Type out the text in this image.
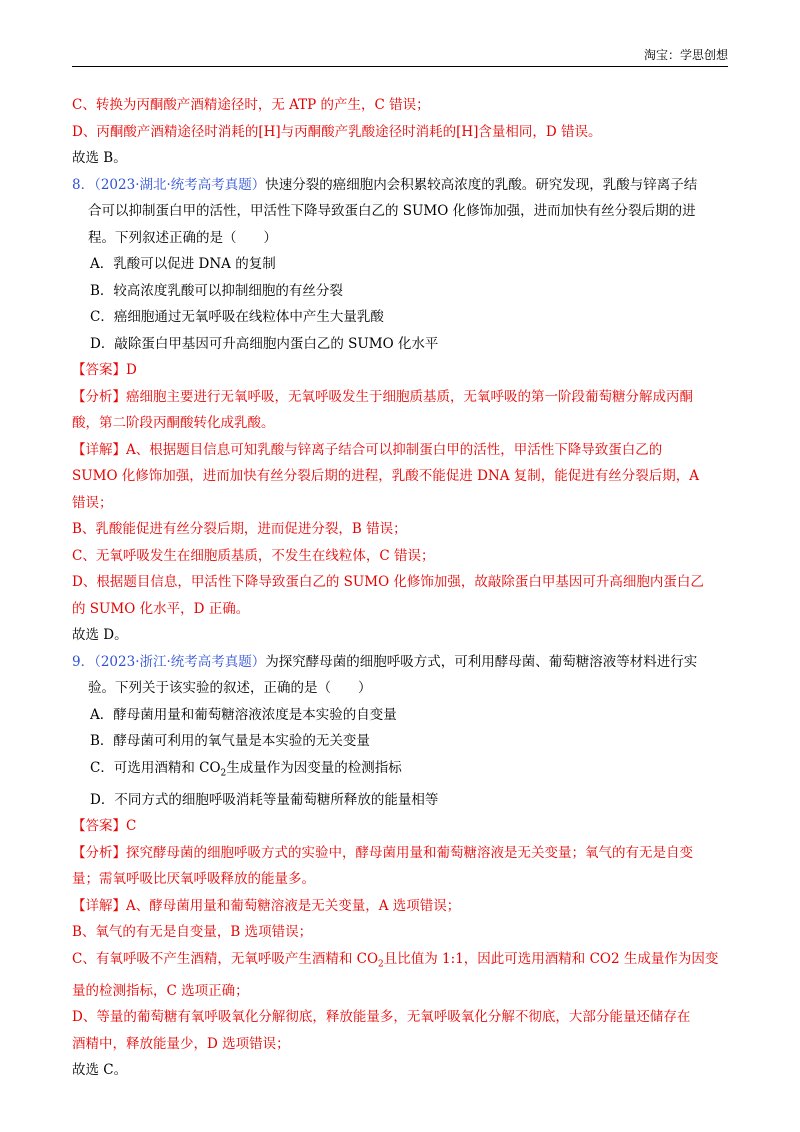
淘宝：学思创想
C、转换为丙酮酸产酒精途径时，无 ATP 的产生，C 错误；
D、丙酮酸产酒精途径时消耗的[H]与丙酮酸产乳酸途径时消耗的[H]含量相同，D 错误。
故选 B。
8．（2023·湖北·统考高考真题）快速分裂的癌细胞内会积累较高浓度的乳酸。研究发现，乳酸与锌离子结
合可以抑制蛋白甲的活性，甲活性下降导致蛋白乙的 SUMO 化修饰加强，进而加快有丝分裂后期的进
程。下列叙述正确的是（　　）
A．乳酸可以促进 DNA 的复制
B．较高浓度乳酸可以抑制细胞的有丝分裂
C．癌细胞通过无氧呼吸在线粒体中产生大量乳酸
D．敲除蛋白甲基因可升高细胞内蛋白乙的 SUMO 化水平
【答案】D
【分析】癌细胞主要进行无氧呼吸，无氧呼吸发生于细胞质基质，无氧呼吸的第一阶段葡萄糖分解成丙酮
酸，第二阶段丙酮酸转化成乳酸。
【详解】A、根据题目信息可知乳酸与锌离子结合可以抑制蛋白甲的活性，甲活性下降导致蛋白乙的
SUMO 化修饰加强，进而加快有丝分裂后期的进程，乳酸不能促进 DNA 复制，能促进有丝分裂后期，A
错误；
B、乳酸能促进有丝分裂后期，进而促进分裂，B 错误；
C、无氧呼吸发生在细胞质基质，不发生在线粒体，C 错误；
D、根据题目信息，甲活性下降导致蛋白乙的 SUMO 化修饰加强，故敲除蛋白甲基因可升高细胞内蛋白乙
的 SUMO 化水平，D 正确。
故选 D。
9．（2023·浙江·统考高考真题）为探究酵母菌的细胞呼吸方式，可利用酵母菌、葡萄糖溶液等材料进行实
验。下列关于该实验的叙述，正确的是（　　）
A．酵母菌用量和葡萄糖溶液浓度是本实验的自变量
B．酵母菌可利用的氧气量是本实验的无关变量
C．可选用酒精和 $CO_2$生成量作为因变量的检测指标
D．不同方式的细胞呼吸消耗等量葡萄糖所释放的能量相等
【答案】C
【分析】探究酵母菌的细胞呼吸方式的实验中，酵母菌用量和葡萄糖溶液是无关变量；氧气的有无是自变
量；需氧呼吸比厌氧呼吸释放的能量多。
【详解】A、酵母菌用量和葡萄糖溶液是无关变量，A 选项错误；
B、氧气的有无是自变量，B 选项错误；
C、有氧呼吸不产生酒精，无氧呼吸产生酒精和 $CO_2$且比值为 1:1，因此可选用酒精和 CO2 生成量作为因变
量的检测指标，C 选项正确；
D、等量的葡萄糖有氧呼吸氧化分解彻底，释放能量多，无氧呼吸氧化分解不彻底，大部分能量还储存在
酒精中，释放能量少，D 选项错误；
故选 C。
